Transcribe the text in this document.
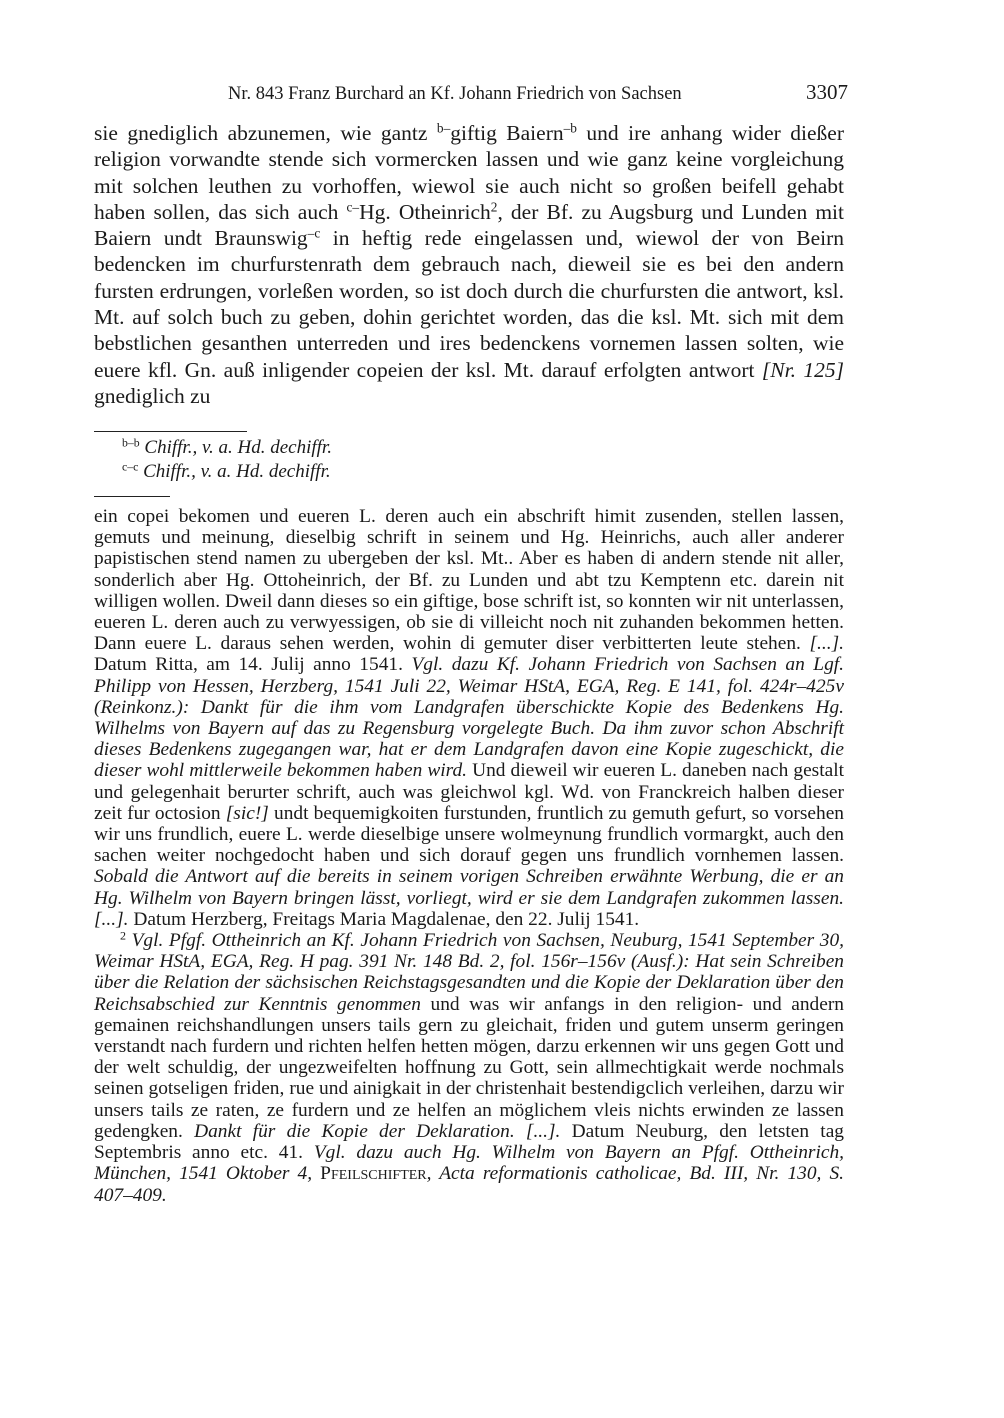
Nr. 843 Franz Burchard an Kf. Johann Friedrich von Sachsen	3307

sie gnediglich abzunemen, wie gantz $^{b-}$giftig Baiern$^{-b}$ und ire anhang wider dießer religion vorwandte stende sich vormercken lassen und wie ganz keine vorgleichung mit solchen leuthen zu vorhoffen, wiewol sie auch nicht so großen beifell gehabt haben sollen, das sich auch $^{c-}$Hg. Otheinrich$^2$, der Bf. zu Augsburg und Lunden mit Baiern undt Braunswig$^{-c}$ in heftig rede eingelassen und, wiewol der von Beirn bedencken im churfurstenrath dem gebrauch nach, dieweil sie es bei den andern fursten erdrungen, vorleßen worden, so ist doch durch die churfursten die antwort, ksl. Mt. auf solch buch zu geben, dohin gerichtet worden, das die ksl. Mt. sich mit dem bebstlichen gesanthen unterreden und ires bedenckens vornemen lassen solten, wie euere kfl. Gn. auß inligender copeien der ksl. Mt. darauf erfolgten antwort [Nr. 125] gnediglich zu

$^{b-b}$ Chiffr., v. a. Hd. dechiffr.
$^{c-c}$ Chiffr., v. a. Hd. dechiffr.

ein copei bekomen und eueren L. deren auch ein abschrift himit zusenden, stellen lassen, gemuts und meinung, dieselbig schrift in seinem und Hg. Heinrichs, auch aller anderer papistischen stend namen zu ubergeben der ksl. Mt.. Aber es haben di andern stende nit aller, sonderlich aber Hg. Ottoheinrich, der Bf. zu Lunden und abt tzu Kemptenn etc. darein nit willigen wollen. Dweil dann dieses so ein giftige, bose schrift ist, so konnten wir nit unterlassen, eueren L. deren auch zu verwyessigen, ob sie di villeicht noch nit zuhanden bekommen hetten. Dann euere L. daraus sehen werden, wohin di gemuter diser verbitterten leute stehen. [...]. Datum Ritta, am 14. Julij anno 1541. Vgl. dazu Kf. Johann Friedrich von Sachsen an Lgf. Philipp von Hessen, Herzberg, 1541 Juli 22, Weimar HStA, EGA, Reg. E 141, fol. 424r–425v (Reinkonz.): Dankt für die ihm vom Landgrafen überschickte Kopie des Bedenkens Hg. Wilhelms von Bayern auf das zu Regensburg vorgelegte Buch. Da ihm zuvor schon Abschrift dieses Bedenkens zugegangen war, hat er dem Landgrafen davon eine Kopie zugeschickt, die dieser wohl mittlerweile bekommen haben wird. Und dieweil wir eueren L. daneben nach gestalt und gelegenhait berurter schrift, auch was gleichwol kgl. Wd. von Franckreich halben dieser zeit fur octosion [sic!] undt bequemigkoiten furstunden, fruntlich zu gemuth gefurt, so vorsehen wir uns frundlich, euere L. werde dieselbige unsere wolmeynung frundlich vormargkt, auch den sachen weiter nochgedocht haben und sich dorauf gegen uns frundlich vornhemen lassen. Sobald die Antwort auf die bereits in seinem vorigen Schreiben erwähnte Werbung, die er an Hg. Wilhelm von Bayern bringen lässt, vorliegt, wird er sie dem Landgrafen zukommen lassen. [...]. Datum Herzberg, Freitags Maria Magdalenae, den 22. Julij 1541.

$^2$ Vgl. Pfgf. Ottheinrich an Kf. Johann Friedrich von Sachsen, Neuburg, 1541 September 30, Weimar HStA, EGA, Reg. H pag. 391 Nr. 148 Bd. 2, fol. 156r–156v (Ausf.): Hat sein Schreiben über die Relation der sächsischen Reichstagsgesandten und die Kopie der Deklaration über den Reichsabschied zur Kenntnis genommen und was wir anfangs in den religion- und andern gemainen reichshandlungen unsers tails gern zu gleichait, friden und gutem unserm geringen verstandt nach furdern und richten helfen hetten mögen, darzu erkennen wir uns gegen Gott und der welt schuldig, der ungezweifelten hoffnung zu Gott, sein allmechtigkait werde nochmals seinen gotseligen friden, rue und ainigkait in der christenhait bestendigclich verleihen, darzu wir unsers tails ze raten, ze furdern und ze helfen an möglichem vleis nichts erwinden ze lassen gedengken. Dankt für die Kopie der Deklaration. [...]. Datum Neuburg, den letsten tag Septembris anno etc. 41. Vgl. dazu auch Hg. Wilhelm von Bayern an Pfgf. Ottheinrich, München, 1541 Oktober 4, Pfeilschifter, Acta reformationis catholicae, Bd. III, Nr. 130, S. 407–409.
